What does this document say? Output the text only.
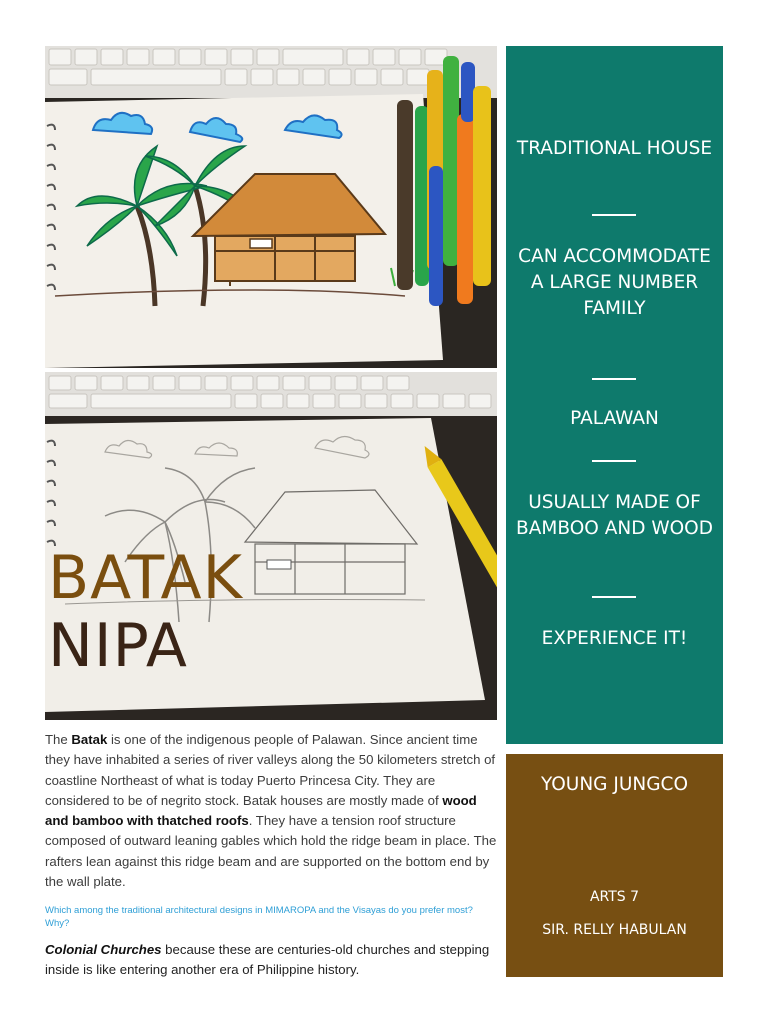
BATAK
NIPA
The Batak is one of the indigenous people of Palawan. Since ancient time they have inhabited a series of river valleys along the 50 kilometers stretch of coastline Northeast of what is today Puerto Princesa City. They are considered to be of negrito stock. Batak houses are mostly made of wood and bamboo with thatched roofs. They have a tension roof structure composed of outward leaning gables which hold the ridge beam in place. The rafters lean against this ridge beam and are supported on the bottom end by the wall plate.
Which among the traditional architectural designs in MIMAROPA and the Visayas do you prefer most? Why?
Colonial Churches because these are centuries-old churches and stepping inside is like entering another era of Philippine history.
TRADITIONAL HOUSE
CAN ACCOMMODATE A LARGE NUMBER FAMILY
PALAWAN
USUALLY MADE OF BAMBOO AND WOOD
EXPERIENCE IT!
YOUNG JUNGCO
ARTS 7
SIR. RELLY HABULAN
